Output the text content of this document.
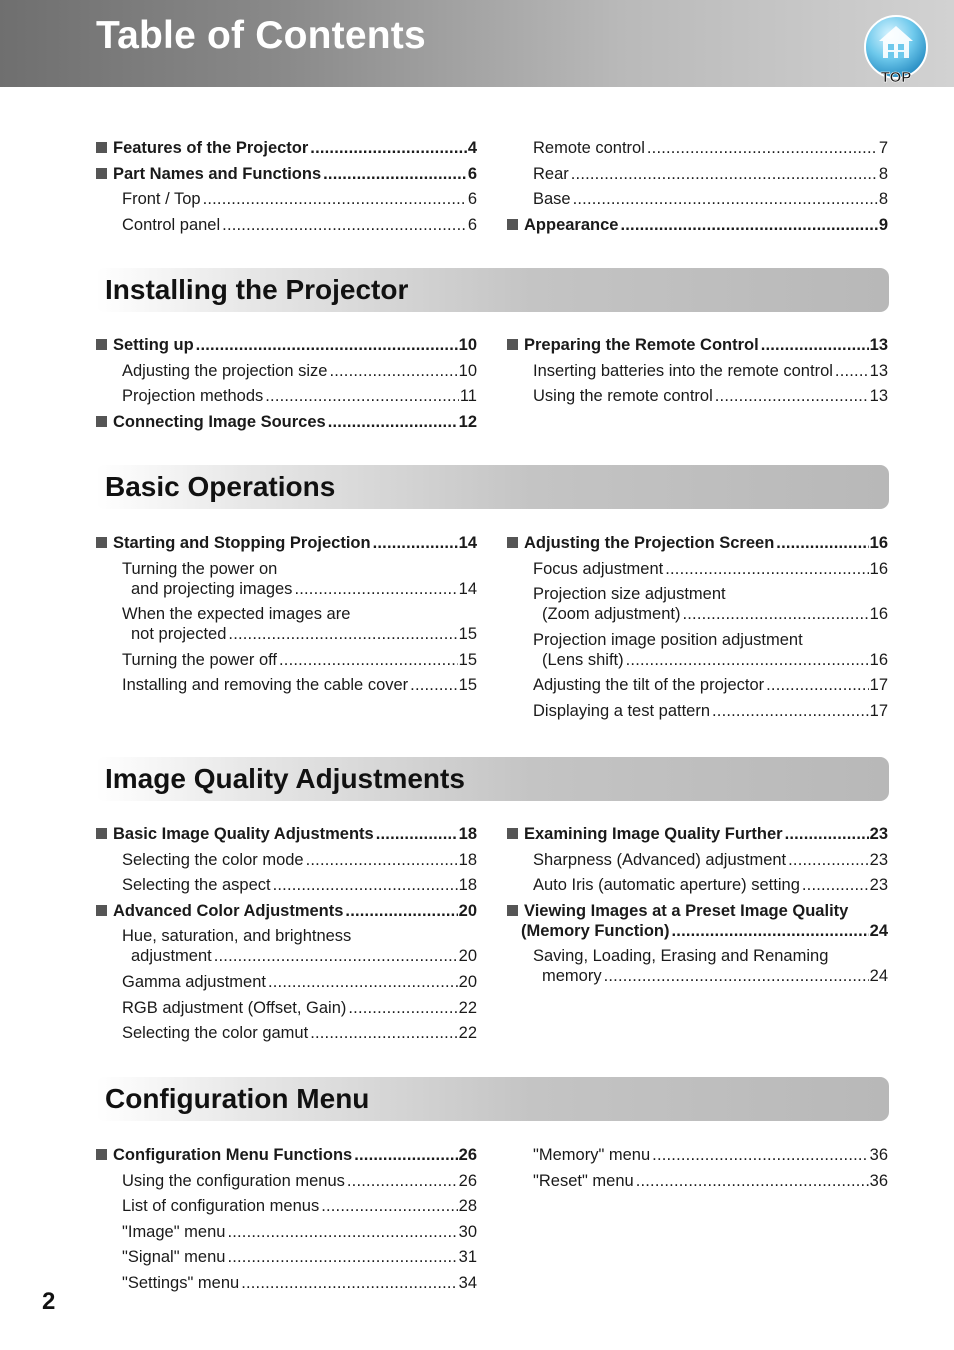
Table of Contents
TOP
Features of the Projector .....	4
Part Names and Functions .....	6
Front / Top .....	6
Control panel .....	6
Remote control .....	7
Rear .....	8
Base .....	8
Appearance .....	9
Installing the Projector
Setting up .....	10
Adjusting the projection size .....	10
Projection methods .....	11
Connecting Image Sources .....	12
Preparing the Remote Control .....	13
Inserting batteries into the remote control ..... 13
Using the remote control .....	13
Basic Operations
Starting and Stopping Projection .....	14
Turning the power on
and projecting images .....	14
When the expected images are
not projected .....	15
Turning the power off .....	15
Installing and removing the cable cover .....	15
Adjusting the Projection Screen .....	16
Focus adjustment .....	16
Projection size adjustment
(Zoom adjustment) .....	16
Projection image position adjustment
(Lens shift) .....	16
Adjusting the tilt of the projector .....	17
Displaying a test pattern .....	17
Image Quality Adjustments
Basic Image Quality Adjustments .....	18
Selecting the color mode .....	18
Selecting the aspect .....	18
Advanced Color Adjustments .....	20
Hue, saturation, and brightness
adjustment .....	20
Gamma adjustment .....	20
RGB adjustment (Offset, Gain) .....	22
Selecting the color gamut .....	22
Examining Image Quality Further .....	23
Sharpness (Advanced) adjustment .....	23
Auto Iris (automatic aperture) setting .....	23
Viewing Images at a Preset Image Quality
(Memory Function) .....	24
Saving, Loading, Erasing and Renaming
memory .....	24
Configuration Menu
Configuration Menu Functions .....	26
Using the configuration menus .....	26
List of configuration menus .....	28
"Image" menu .....	30
"Signal" menu .....	31
"Settings" menu .....	34
"Memory" menu .....	36
"Reset" menu .....	36
2
